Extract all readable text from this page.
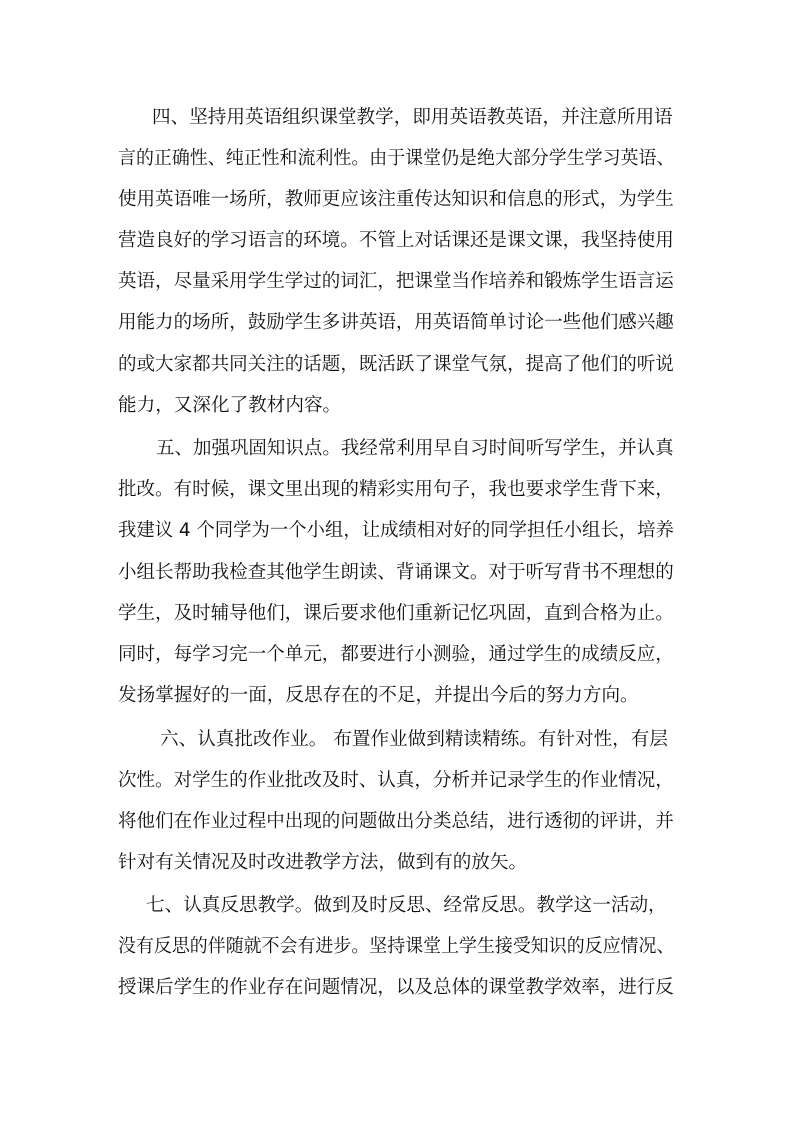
四、坚持用英语组织课堂教学，即用英语教英语，并注意所用语
言的正确性、纯正性和流利性。由于课堂仍是绝大部分学生学习英语、
使用英语唯一场所，教师更应该注重传达知识和信息的形式，为学生
营造良好的学习语言的环境。不管上对话课还是课文课，我坚持使用
英语，尽量采用学生学过的词汇，把课堂当作培养和锻炼学生语言运
用能力的场所，鼓励学生多讲英语，用英语简单讨论一些他们感兴趣
的或大家都共同关注的话题，既活跃了课堂气氛，提高了他们的听说
能力，又深化了教材内容。
五、加强巩固知识点。我经常利用早自习时间听写学生，并认真
批改。有时候，课文里出现的精彩实用句子，我也要求学生背下来，
我建议 4 个同学为一个小组，让成绩相对好的同学担任小组长，培养
小组长帮助我检查其他学生朗读、背诵课文。对于听写背书不理想的
学生，及时辅导他们，课后要求他们重新记忆巩固，直到合格为止。
同时，每学习完一个单元，都要进行小测验，通过学生的成绩反应，
发扬掌握好的一面，反思存在的不足，并提出今后的努力方向。
六、认真批改作业。 布置作业做到精读精练。有针对性，有层
次性。对学生的作业批改及时、认真，分析并记录学生的作业情况，
将他们在作业过程中出现的问题做出分类总结，进行透彻的评讲，并
针对有关情况及时改进教学方法，做到有的放矢。
七、认真反思教学。做到及时反思、经常反思。教学这一活动，
没有反思的伴随就不会有进步。坚持课堂上学生接受知识的反应情况、
授课后学生的作业存在问题情况，以及总体的课堂教学效率，进行反
